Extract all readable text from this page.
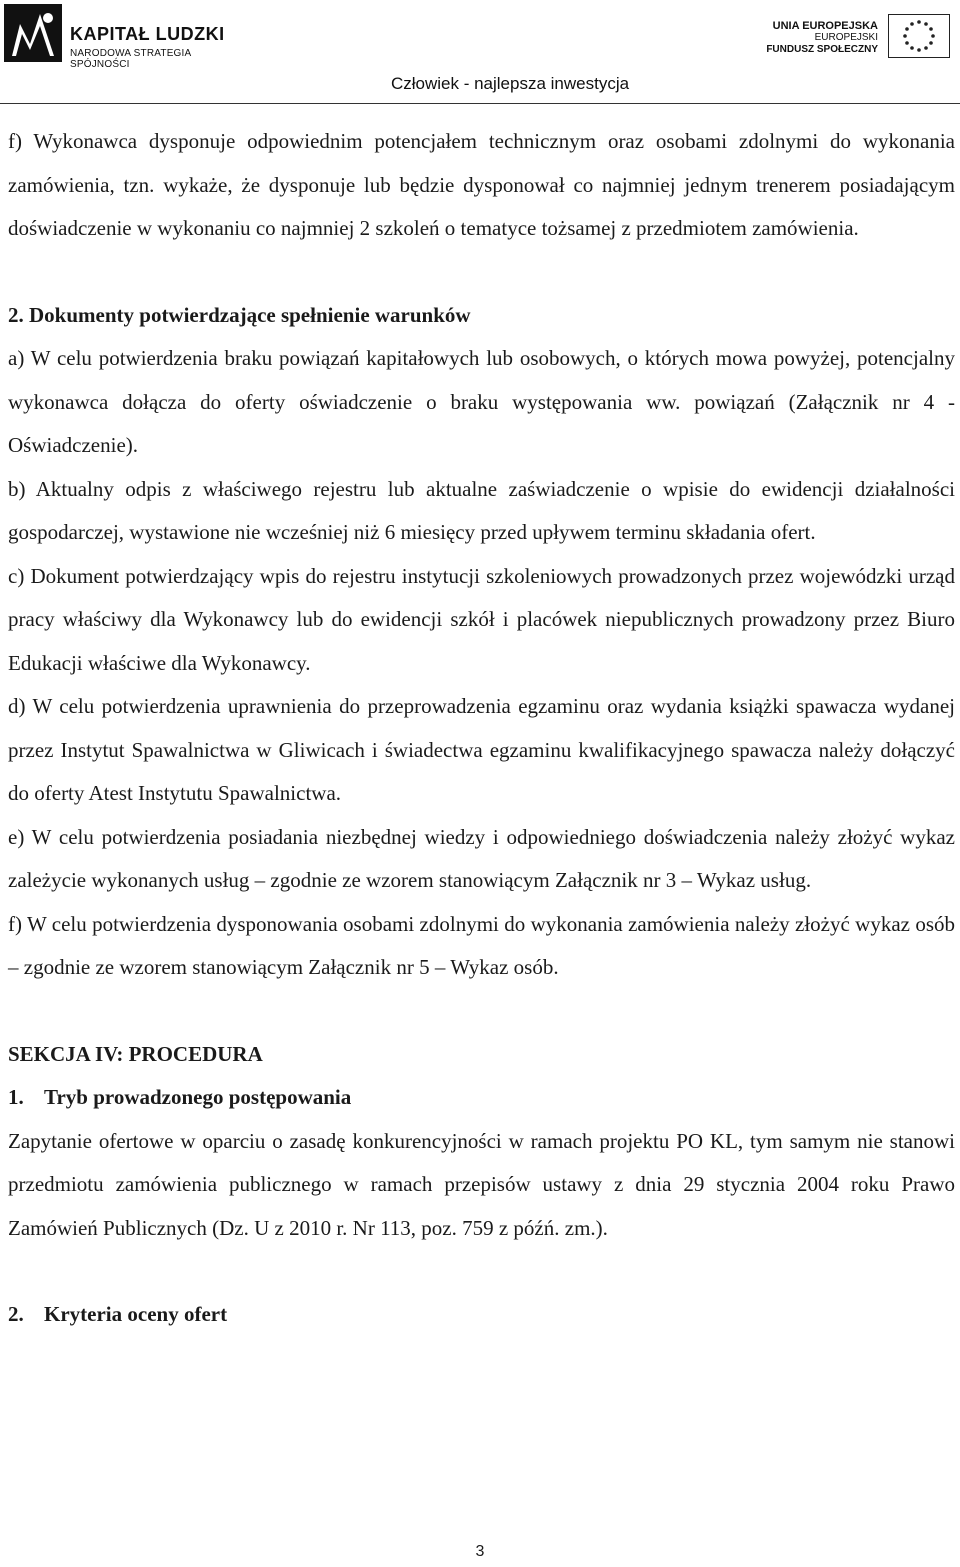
KAPITAŁ LUDZKI
NARODOWA STRATEGIA SPÓJNOŚCI
UNIA EUROPEJSKA
EUROPEJSKI
FUNDUSZ SPOŁECZNY
Człowiek - najlepsza inwestycja

f) Wykonawca dysponuje odpowiednim potencjałem technicznym oraz osobami zdolnymi do wykonania zamówienia, tzn. wykaże, że dysponuje lub będzie dysponował co najmniej jednym trenerem posiadającym doświadczenie w wykonaniu co najmniej 2 szkoleń o tematyce tożsamej z przedmiotem zamówienia.

2. Dokumenty potwierdzające spełnienie warunków

a) W celu potwierdzenia braku powiązań kapitałowych lub osobowych, o których mowa powyżej, potencjalny wykonawca dołącza do oferty oświadczenie o braku występowania ww. powiązań (Załącznik nr 4 - Oświadczenie).

b) Aktualny odpis z właściwego rejestru lub aktualne zaświadczenie o wpisie do ewidencji działalności gospodarczej, wystawione nie wcześniej niż 6 miesięcy przed upływem terminu składania ofert.

c) Dokument potwierdzający wpis do rejestru instytucji szkoleniowych prowadzonych przez wojewódzki urząd pracy właściwy dla Wykonawcy lub do ewidencji szkół i placówek niepublicznych prowadzony przez Biuro Edukacji właściwe dla Wykonawcy.

d) W celu potwierdzenia uprawnienia do przeprowadzenia egzaminu oraz wydania książki spawacza wydanej przez Instytut Spawalnictwa w Gliwicach i świadectwa egzaminu kwalifikacyjnego spawacza należy dołączyć do oferty Atest Instytutu Spawalnictwa.

e) W celu potwierdzenia posiadania niezbędnej wiedzy i odpowiedniego doświadczenia należy złożyć wykaz zależycie wykonanych usług – zgodnie ze wzorem stanowiącym Załącznik nr 3 – Wykaz usług.

f) W celu potwierdzenia dysponowania osobami zdolnymi do wykonania zamówienia należy złożyć wykaz osób – zgodnie ze wzorem stanowiącym Załącznik nr 5 – Wykaz osób.

SEKCJA IV: PROCEDURA

1. Tryb prowadzonego postępowania

Zapytanie ofertowe w oparciu o zasadę konkurencyjności w ramach projektu PO KL, tym samym nie stanowi przedmiotu zamówienia publicznego w ramach przepisów ustawy z dnia 29 stycznia 2004 roku Prawo Zamówień Publicznych (Dz. U z 2010 r. Nr 113, poz. 759 z późń. zm.).

2. Kryteria oceny ofert

3
